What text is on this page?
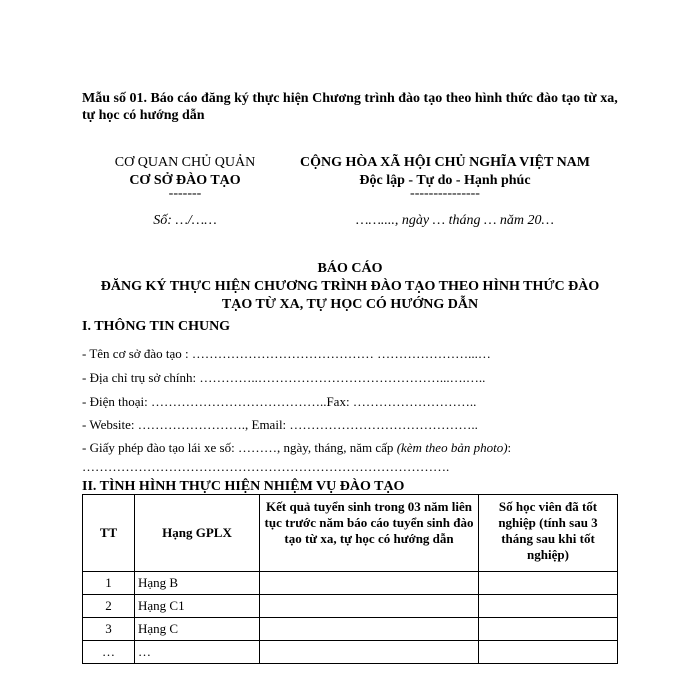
Mẫu số 01. Báo cáo đăng ký thực hiện Chương trình đào tạo theo hình thức đào tạo từ xa, tự học có hướng dẫn
CƠ QUAN CHỦ QUẢN
CƠ SỞ ĐÀO TẠO
-------
Số: …/……
CỘNG HÒA XÃ HỘI CHỦ NGHĨA VIỆT NAM
Độc lập - Tự do - Hạnh phúc
---------------
……...., ngày … tháng … năm 20…
BÁO CÁO
ĐĂNG KÝ THỰC HIỆN CHƯƠNG TRÌNH ĐÀO TẠO THEO HÌNH THỨC ĐÀO
TẠO TỪ XA, TỰ HỌC CÓ HƯỚNG DẪN
I. THÔNG TIN CHUNG
- Tên cơ sở đào tạo : …………………………………… …………………...…
- Địa chỉ trụ sở chính: …………..……………………………………...….…..
- Điện thoại: …………………………………..Fax: ………………………..
- Website: ……………………., Email: ……………………………………..
- Giấy phép đào tạo lái xe số: ………, ngày, tháng, năm cấp (kèm theo bản photo):
………………………………………………………………………….
II. TÌNH HÌNH THỰC HIỆN NHIỆM VỤ ĐÀO TẠO
TT	Hạng GPLX	Kết quả tuyển sinh trong 03 năm liên tục trước năm báo cáo tuyển sinh đào tạo từ xa, tự học có hướng dẫn	Số học viên đã tốt nghiệp (tính sau 3 tháng sau khi tốt nghiệp)
1	Hạng B		
2	Hạng C1		
3	Hạng C		
…	…		
